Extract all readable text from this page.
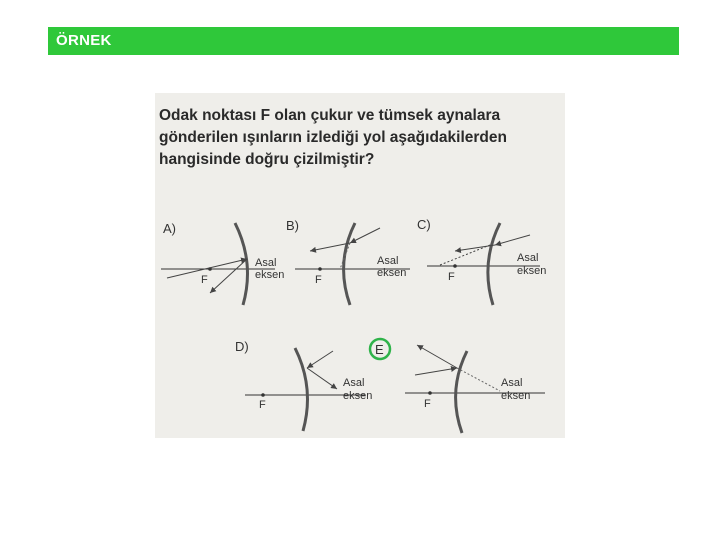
ÖRNEK
Odak noktası F olan çukur ve tümsek aynalara
gönderilen ışınların izlediği yol aşağıdakilerden
hangisinde doğru çizilmiştir?
A)
F
Asal
eksen
B)
F
Asal
eksen
C)
F
Asal
eksen
D)
F
Asal
eksen
E
F
Asal
eksen
